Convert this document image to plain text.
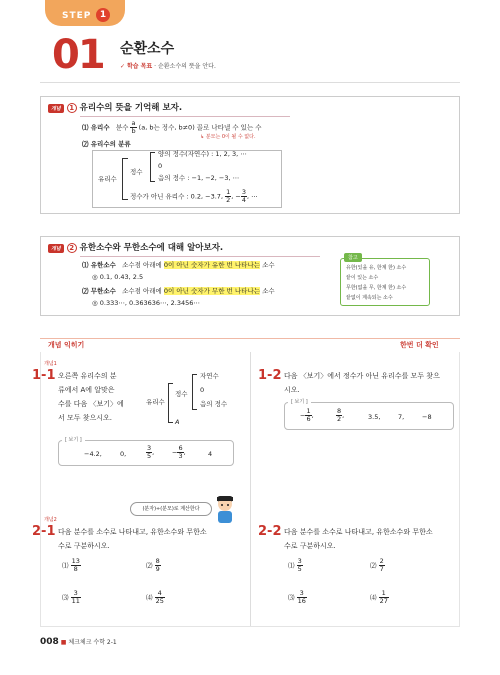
STEP 1
01 순환소수
✓ 학습 목표 · 순환소수의 뜻을 안다.
개념 1 유리수의 뜻을 기억해 보자.
⑴ 유리수 분수 $\frac{a}{b} (a$, b는 정수, b≠0) 꼴로 나타낼 수 있는 수
↳ 분모는 0이 될 수 없다.
⑵ 유리수의 분류
유리수
정수
양의 정수(자연수) : 1, 2, 3, ⋯
0
음의 정수 : −1, −2, −3, ⋯
정수가 아닌 유리수 : 0.2, −3.7, $\frac{1}{2}$ , − $\frac{3}{4}$ , ⋯
개념 2 유한소수와 무한소수에 대해 알아보자.
⑴ 유한소수 소수점 아래에 0이 아닌 숫자가 유한 번 나타나는 소수
◎ 0.1, 0.43, 2.5
⑵ 무한소수 소수점 아래에 0이 아닌 숫자가 무한 번 나타나는 소수
◎ 0.333⋯, 0.363636⋯, 2.3456⋯
참고
유한(있을 유, 한계 한) 소수
끝이 있는 소수
무한(없을 무, 한계 한) 소수
끝없이 계속되는 소수
개념 익히기	한번 더 확인
개념1
1-1 오른쪽 유리수의 분
류에서 A에 알맞은
수를 다음 〈보기〉에
서 모두 찾으시오.
유리수
정수
자연수
0
음의 정수
A
[ 보기 ]
−4.2,	0,	$\frac{3}{5}$ ,	− $\frac{6}{3}$ ,	4
1-2 다음 〈보기〉에서 정수가 아닌 유리수를 모두 찾으
시오.
[ 보기 ]
− $\frac{1}{6}$ ,	$\frac{8}{2}$ ,	3.5,	7,	−8
(분자)÷(분모)로 계산한다
개념2
2-1 다음 분수를 소수로 나타내고, 유한소수와 무한소
수로 구분하시오.
⑴ $\frac{13}{8}$	⑵ $\frac{8}{9}$
⑶ $\frac{3}{11}$	⑷ $\frac{4}{25}$
2-2 다음 분수를 소수로 나타내고, 유한소수와 무한소
수로 구분하시오.
⑴ $\frac{3}{5}$	⑵ $\frac{2}{7}$
⑶ $\frac{3}{16}$	⑷ $\frac{1}{27}$
008 ■ 체크체크 수학 2-1
